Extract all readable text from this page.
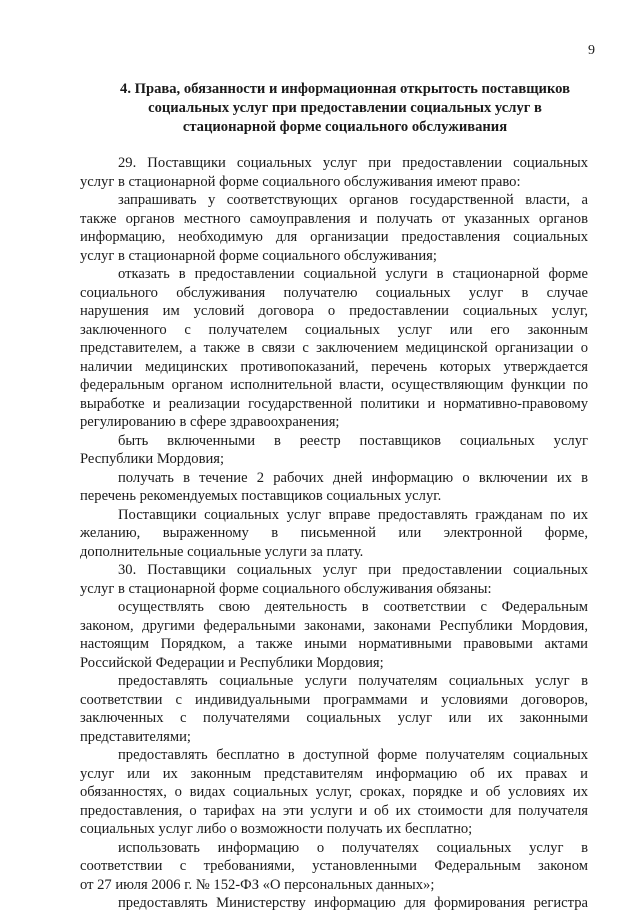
9
4. Права, обязанности и информационная открытость поставщиков
социальных услуг при предоставлении социальных услуг в
стационарной форме социального обслуживания
29. Поставщики социальных услуг при предоставлении социальных
услуг в стационарной форме социального обслуживания имеют право:
запрашивать у соответствующих органов государственной власти, а
также органов местного самоуправления и получать от указанных органов
информацию, необходимую для организации предоставления социальных
услуг в стационарной форме социального обслуживания;
отказать в предоставлении социальной услуги в стационарной форме
социального обслуживания получателю социальных услуг в случае
нарушения им условий договора о предоставлении социальных услуг,
заключенного с получателем социальных услуг или его законным
представителем, а также в связи с заключением медицинской организации о
наличии медицинских противопоказаний, перечень которых утверждается
федеральным органом исполнительной власти, осуществляющим функции по
выработке и реализации государственной политики и нормативно-правовому
регулированию в сфере здравоохранения;
быть включенными в реестр поставщиков социальных услуг
Республики Мордовия;
получать в течение 2 рабочих дней информацию о включении их в
перечень рекомендуемых поставщиков социальных услуг.
Поставщики социальных услуг вправе предоставлять гражданам по их
желанию, выраженному в письменной или электронной форме,
дополнительные социальные услуги за плату.
30. Поставщики социальных услуг при предоставлении социальных
услуг в стационарной форме социального обслуживания обязаны:
осуществлять свою деятельность в соответствии с Федеральным
законом, другими федеральными законами, законами Республики Мордовия,
настоящим Порядком, а также иными нормативными правовыми актами
Российской Федерации и Республики Мордовия;
предоставлять социальные услуги получателям социальных услуг в
соответствии с индивидуальными программами и условиями договоров,
заключенных с получателями социальных услуг или их законными
представителями;
предоставлять бесплатно в доступной форме получателям социальных
услуг или их законным представителям информацию об их правах и
обязанностях, о видах социальных услуг, сроках, порядке и об условиях их
предоставления, о тарифах на эти услуги и об их стоимости для получателя
социальных услуг либо о возможности получать их бесплатно;
использовать информацию о получателях социальных услуг в
соответствии с требованиями, установленными Федеральным законом
от 27 июля 2006 г. № 152-ФЗ «О персональных данных»;
предоставлять Министерству информацию для формирования регистра
